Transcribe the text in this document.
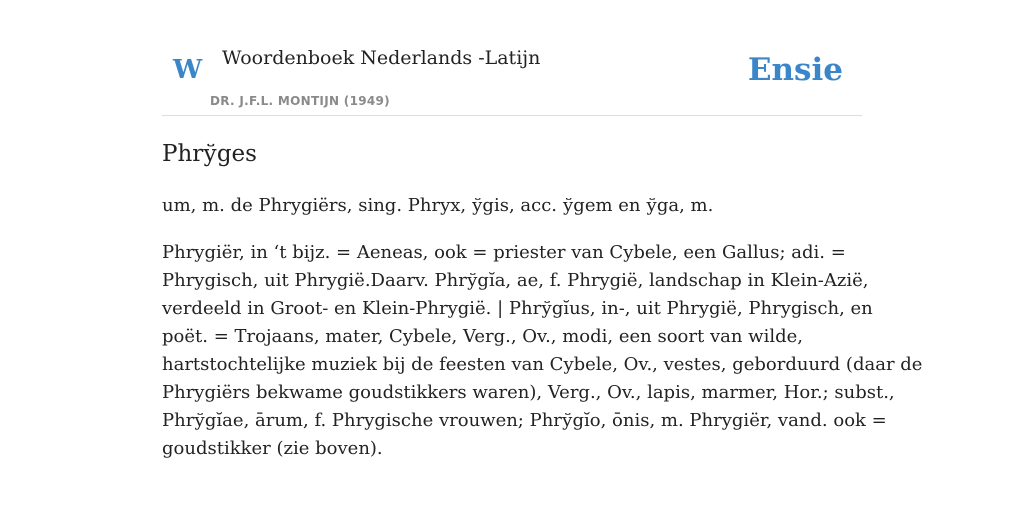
W Woordenboek Nederlands -Latijn
DR. J.F.L. MONTIJN (1949)
Ensie
Phrўges

um, m. de Phrygiërs, sing. Phryx, ўgis, acc. ўgem en ўga, m.

Phrygiër, in ‘t bijz. = Aeneas, ook = priester van Cybele, een Gallus; adi. =
Phrygisch, uit Phrygië.Daarv. Phrўgĭa, ae, f. Phrygië, landschap in Klein-Azië,
verdeeld in Groot- en Klein-Phrygië. | Phrўgĭus, in-, uit Phrygië, Phrygisch, en
poët. = Trojaans, mater, Cybele, Verg., Ov., modi, een soort van wilde,
hartstochtelijke muziek bij de feesten van Cybele, Ov., vestes, geborduurd (daar de
Phrygiërs bekwame goudstikkers waren), Verg., Ov., lapis, marmer, Hor.; subst.,
Phrўgĭae, ārum, f. Phrygische vrouwen; Phrўgĭo, ōnis, m. Phrygiër, vand. ook =
goudstikker (zie boven).
